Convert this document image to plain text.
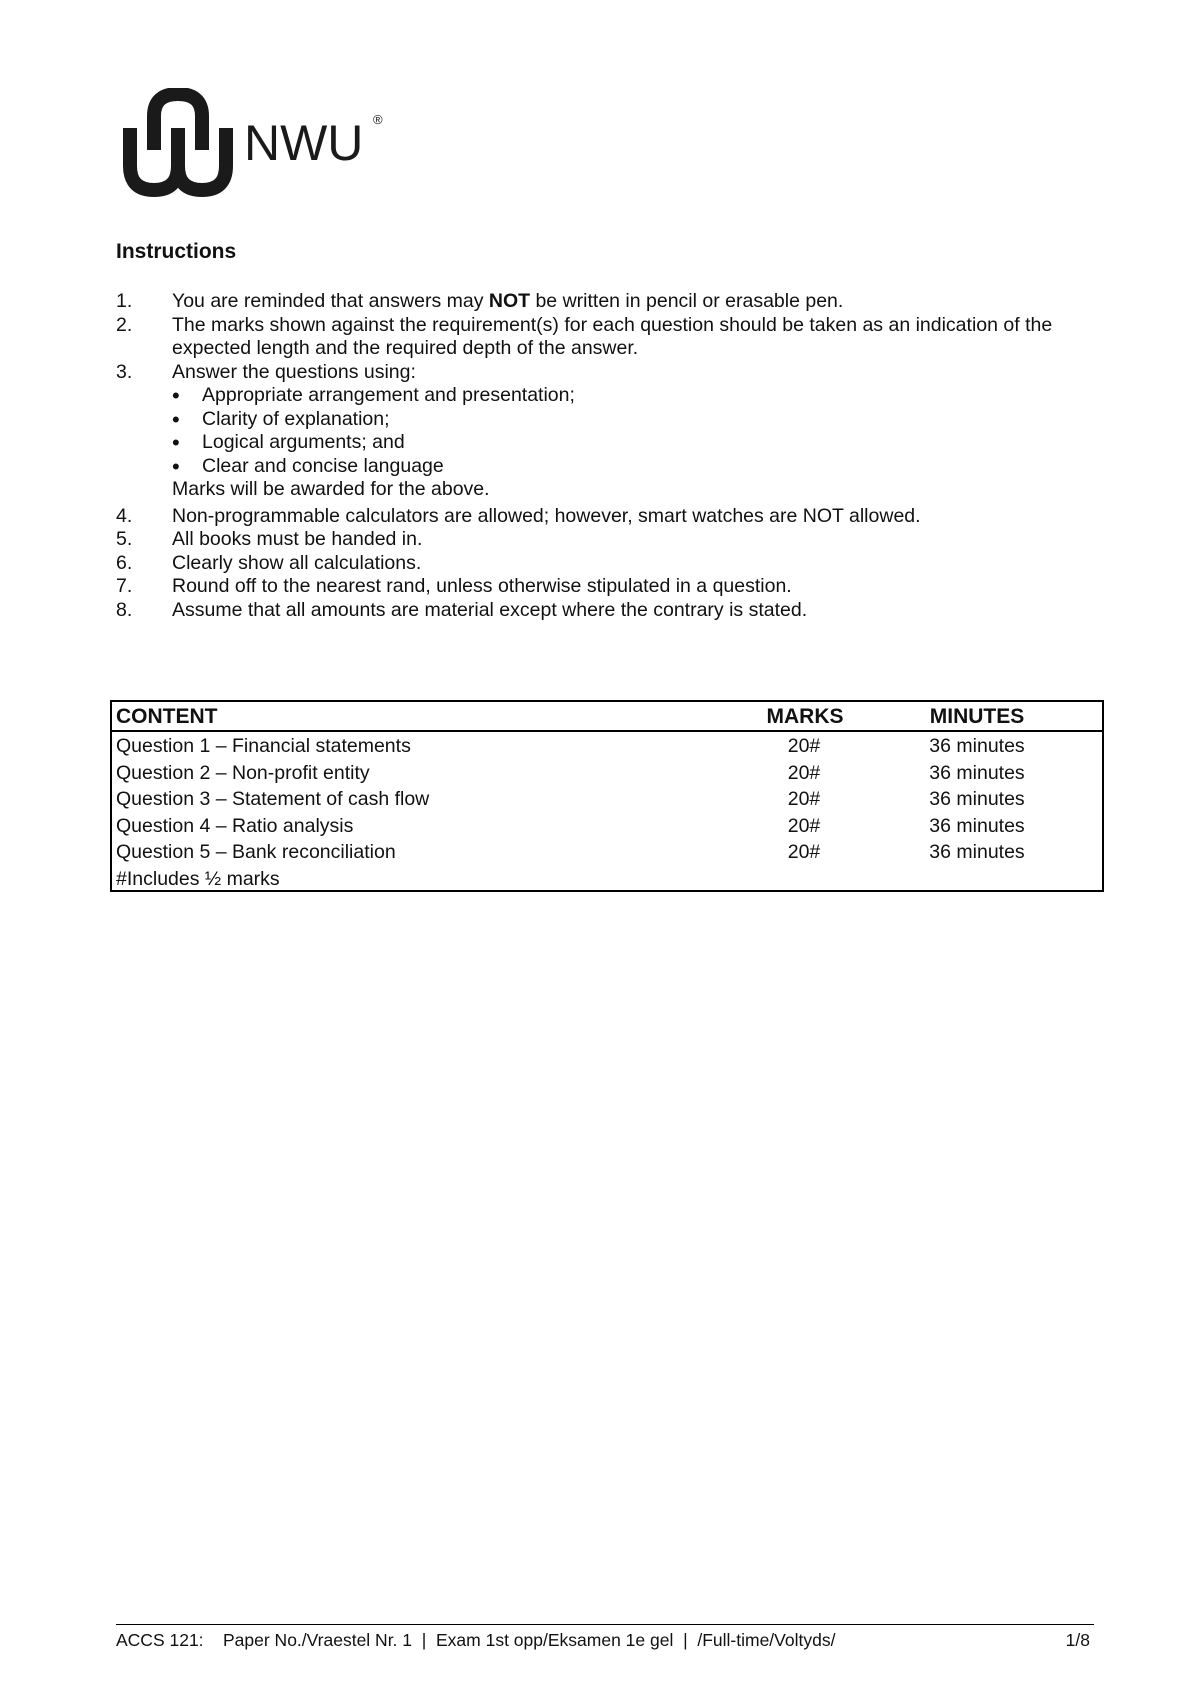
NWU ®
Instructions
1.	You are reminded that answers may NOT be written in pencil or erasable pen.
2.	The marks shown against the requirement(s) for each question should be taken as an indication of the expected length and the required depth of the answer.
3.	Answer the questions using:
• Appropriate arrangement and presentation;
• Clarity of explanation;
• Logical arguments; and
• Clear and concise language
Marks will be awarded for the above.
4.	Non-programmable calculators are allowed; however, smart watches are NOT allowed.
5.	All books must be handed in.
6.	Clearly show all calculations.
7.	Round off to the nearest rand, unless otherwise stipulated in a question.
8.	Assume that all amounts are material except where the contrary is stated.
CONTENT	MARKS	MINUTES
Question 1 – Financial statements	20#	36 minutes
Question 2 – Non-profit entity	20#	36 minutes
Question 3 – Statement of cash flow	20#	36 minutes
Question 4 – Ratio analysis	20#	36 minutes
Question 5 – Bank reconciliation	20#	36 minutes
#Includes ½ marks
ACCS 121:    Paper No./Vraestel Nr. 1  |  Exam 1st opp/Eksamen 1e gel  |  /Full-time/Voltyds/	1/8
